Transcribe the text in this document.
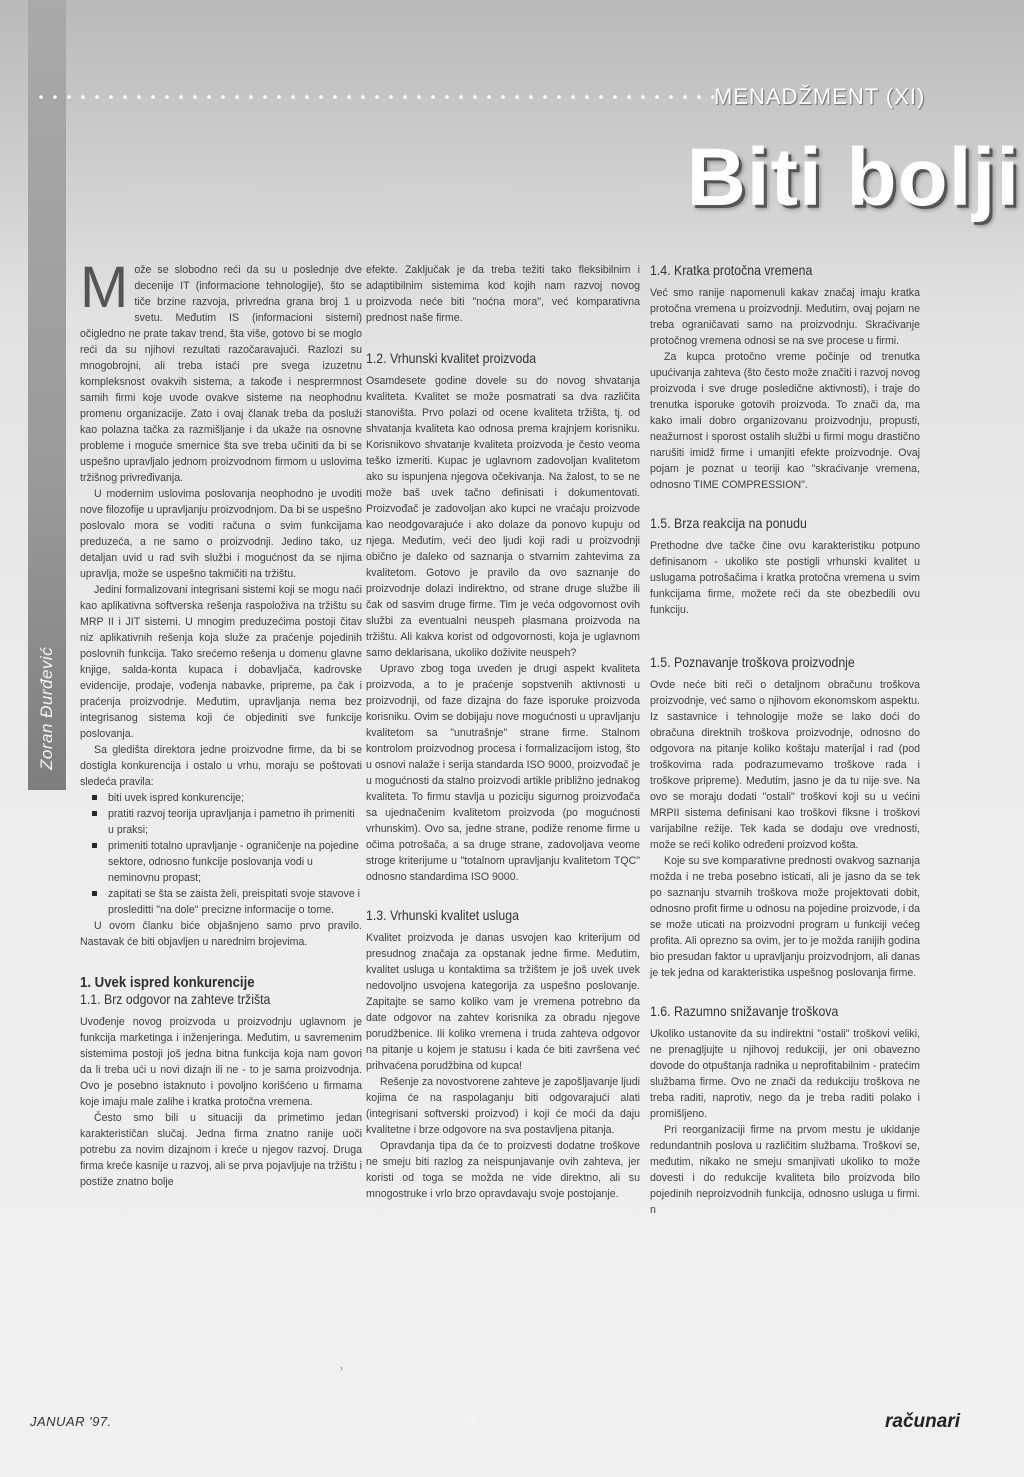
Zoran Đurđević
MENADŽMENT (XI)
Biti bolji

Može se slobodno reći da su u poslednje dve decenije IT (informacione tehnologije), što se tiče brzine razvoja, privredna grana broj 1 u svetu. Međutim IS (informacioni sistemi) očigledno ne prate takav trend, šta više, gotovo bi se moglo reći da su njihovi rezultati razočaravajući. Razlozi su mnogobrojni, ali treba istaći pre svega izuzetnu kompleksnost ovakvih sistema, a takođe i nesprermnost samih firmi koje uvode ovakve sisteme na neophodnu promenu organizacije. Zato i ovaj članak treba da posluži kao polazna tačka za razmišljanje i da ukaže na osnovne probleme i moguće smernice šta sve treba učiniti da bi se uspešno upravljalo jednom proizvodnom firmom u uslovima tržišnog privređivanja.

U modernim uslovima poslovanja neophodno je uvoditi nove filozofije u upravljanju proizvodnjom. Da bi se uspešno poslovalo mora se voditi računa o svim funkcijama preduzeća, a ne samo o proizvodnji. Jedino tako, uz detaljan uvid u rad svih službi i mogućnost da se njima upravlja, može se uspešno takmičiti na tržištu.

Jedini formalizovani integrisani sistemi koji se mogu naći kao aplikativna softverska rešenja raspoloživa na tržištu su MRP II i JIT sistemi. U mnogim preduzećima postoji čitav niz aplikativnih rešenja koja služe za praćenje pojedinih poslovnih funkcija. Tako srećemo rešenja u domenu glavne knjige, salda-konta kupaca i dobavljača, kadrovske evidencije, prodaje, vođenja nabavke, pripreme, pa čak i praćenja proizvodnje. Međutim, upravljanja nema bez integrisanog sistema koji će objediniti sve funkcije poslovanja.

Sa gledišta direktora jedne proizvodne firme, da bi se dostigla konkurencija i ostalo u vrhu, moraju se poštovati sledeća pravila:

biti uvek ispred konkurencije;
pratiti razvoj teorija upravljanja i pametno ih primeniti u praksi;
primeniti totalno upravljanje - ograničenje na pojedine sektore, odnosno funkcije poslovanja vodi u neminovnu propast;
zapitati se šta se zaista želi, preispitati svoje stavove i prosleditti "na dole" precizne informacije o tome.

U ovom članku biće objašnjeno samo prvo pravilo. Nastavak će biti objavljen u narednim brojevima.

1. Uvek ispred konkurencije
1.1. Brz odgovor na zahteve tržišta

Uvođenje novog proizvoda u proizvodnju uglavnom je funkcija marketinga i inženjeringa. Međutim, u savremenim sistemima postoji još jedna bitna funkcija koja nam govori da li treba ući u novi dizajn ili ne - to je sama proizvodnja. Ovo je posebno istaknuto i povoljno korišćeno u firmama koje imaju male zalihe i kratka protočna vremena.

Često smo bili u situaciji da primetimo jedan karakterističan slučaj. Jedna firma znatno ranije uoči potrebu za novim dizajnom i kreće u njegov razvoj. Druga firma kreće kasnije u razvoj, ali se prva pojavljuje na tržištu i postiže znatno bolje

efekte. Zaključak je da treba težiti tako fleksibilnim i adaptibilnim sistemima kod kojih nam razvoj novog proizvoda neće biti "noćna mora", već komparativna prednost naše firme.

1.2. Vrhunski kvalitet proizvoda

Osamdesete godine dovele su do novog shvatanja kvaliteta. Kvalitet se može posmatrati sa dva različita stanovišta. Prvo polazi od ocene kvaliteta tržišta, tj. od shvatanja kvaliteta kao odnosa prema krajnjem korisniku. Korisnikovo shvatanje kvaliteta proizvoda je često veoma teško izmeriti. Kupac je uglavnom zadovoljan kvalitetom ako su ispunjena njegova očekivanja. Na žalost, to se ne može baš uvek tačno definisati i dokumentovati. Proizvođač je zadovoljan ako kupci ne vraćaju proizvode kao neodgovarajuće i ako dolaze da ponovo kupuju od njega. Međutim, veći deo ljudi koji radi u proizvodnji obično je daleko od saznanja o stvarnim zahtevima za kvalitetom. Gotovo je pravilo da ovo saznanje do proizvodnje dolazi indirektno, od strane druge službe ili čak od sasvim druge firme. Tim je veća odgovornost ovih službi za eventualni neuspeh plasmana proizvoda na tržištu. Ali kakva korist od odgovornosti, koja je uglavnom samo deklarisana, ukoliko doživite neuspeh?

Upravo zbog toga uveden je drugi aspekt kvaliteta proizvoda, a to je praćenje sopstvenih aktivnosti u proizvodnji, od faze dizajna do faze isporuke proizvoda korisniku. Ovim se dobijaju nove mogućnosti u upravljanju kvalitetom sa "unutrašnje" strane firme. Stalnom kontrolom proizvodnog procesa i formalizacijom istog, što u osnovi nalaže i serija standarda ISO 9000, proizvođač je u mogućnosti da stalno proizvodi artikle približno jednakog kvaliteta. To firmu stavlja u poziciju sigurnog proizvođača sa ujednačenim kvalitetom proizvoda (po mogućnosti vrhunskim). Ovo sa, jedne strane, podiže renome firme u očima potrošača, a sa druge strane, zadovoljava veome stroge kriterijume u "totalnom upravljanju kvalitetom TQC" odnosno standardima ISO 9000.

1.3. Vrhunski kvalitet usluga

Kvalitet proizvoda je danas usvojen kao kriterijum od presudnog značaja za opstanak jedne firme. Međutim, kvalitet usluga u kontaktima sa tržištem je još uvek uvek nedovoljno usvojena kategorija za uspešno poslovanje. Zapitajte se samo koliko vam je vremena potrebno da date odgovor na zahtev korisnika za obradu njegove porudžbenice. Ili koliko vremena i truda zahteva odgovor na pitanje u kojem je statusu i kada će biti završena već prihvaćena porudžbina od kupca!

Rešenje za novostvorene zahteve je zapošljavanje ljudi kojima će na raspolaganju biti odgovarajući alati (integrisani softverski proizvod) i koji će moći da daju kvalitetne i brze odgovore na sva postavljena pitanja.

Opravdanja tipa da će to proizvesti dodatne troškove ne smeju biti razlog za neispunjavanje ovih zahteva, jer koristi od toga se možda ne vide direktno, ali su mnogostruke i vrlo brzo opravdavaju svoje postojanje.

1.4. Kratka protočna vremena

Već smo ranije napomenuli kakav značaj imaju kratka protočna vremena u proizvodnji. Međutim, ovaj pojam ne treba ograničavati samo na proizvodnju. Skraćivanje protočnog vremena odnosi se na sve procese u firmi.

Za kupca protočno vreme počinje od trenutka upućivanja zahteva (što često može značiti i razvoj novog proizvoda i sve druge posledične aktivnosti), i traje do trenutka isporuke gotovih proizvoda. To znači da, ma kako imali dobro organizovanu proizvodnju, propusti, neažurnost i sporost ostalih službi u firmi mogu drastično narušiti imidž firme i umanjiti efekte proizvodnje. Ovaj pojam je poznat u teoriji kao "skraćivanje vremena, odnosno TIME COMPRESSION".

1.5. Brza reakcija na ponudu

Prethodne dve tačke čine ovu karakteristiku potpuno definisanom - ukoliko ste postigli vrhunski kvalitet u uslugama potrošačima i kratka protočna vremena u svim funkcijama firme, možete reći da ste obezbedili ovu funkciju.

1.5. Poznavanje troškova proizvodnje

Ovde neće biti reči o detaljnom obračunu troškova proizvodnje, već samo o njihovom ekonomskom aspektu. Iz sastavnice i tehnologije može se lako doći do obračuna direktnih troškova proizvodnje, odnosno do odgovora na pitanje koliko koštaju materijal i rad (pod troškovima rada podrazumevamo troškove rada i troškove pripreme). Međutim, jasno je da tu nije sve. Na ovo se moraju dodati "ostali" troškovi koji su u većini MRPII sistema definisani kao troškovi fiksne i troškovi varijabilne režije. Tek kada se dodaju ove vrednosti, može se reći koliko određeni proizvod košta.

Koje su sve komparativne prednosti ovakvog saznanja možda i ne treba posebno isticati, ali je jasno da se tek po saznanju stvarnih troškova može projektovati dobit, odnosno profit firme u odnosu na pojedine proizvode, i da se može uticati na proizvodni program u funkciji većeg profita. Ali oprezno sa ovim, jer to je možda ranijih godina bio presudan faktor u upravljanju proizvodnjom, ali danas je tek jedna od karakteristika uspešnog poslovanja firme.

1.6. Razumno snižavanje troškova

Ukoliko ustanovite da su indirektni "ostali" troškovi veliki, ne prenagljujte u njihovoj redukciji, jer oni obavezno dovode do otpuštanja radnika u neprofitabilnim - pratećim službama firme. Ovo ne znači da redukciju troškova ne treba raditi, naprotiv, nego da je treba raditi polako i promišljeno.

Pri reorganizaciji firme na prvom mestu je ukidanje redundantnih poslova u različitim službama. Troškovi se, međutim, nikako ne smeju smanjivati ukoliko to može dovesti i do redukcije kvaliteta bilo proizvoda bilo pojedinih neproizvodnih funkcija, odnosno usluga u firmi. n

›
JANUAR '97.	- 79 -	računari
